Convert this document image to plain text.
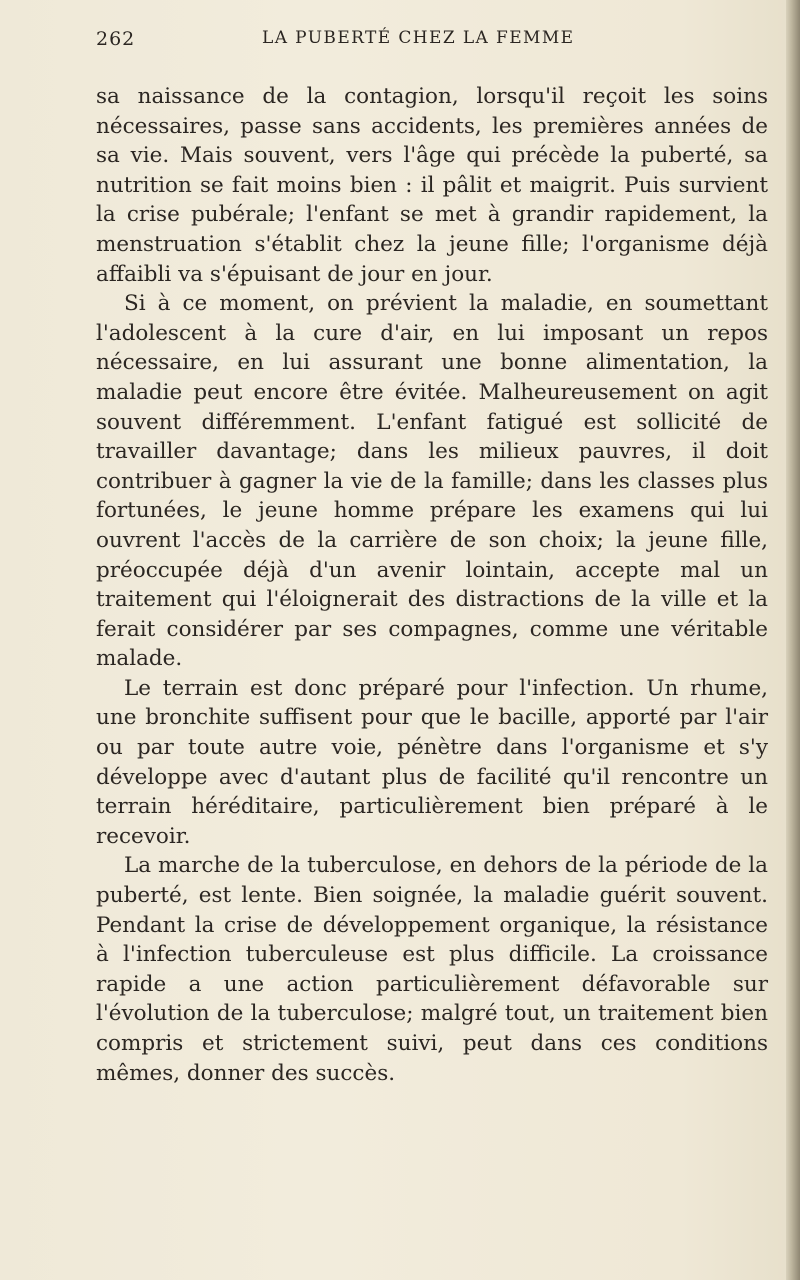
262	LA PUBERTÉ CHEZ LA FEMME

sa naissance de la contagion, lorsqu'il reçoit les soins nécessaires, passe sans accidents, les premières années de sa vie. Mais souvent, vers l'âge qui précède la puberté, sa nutrition se fait moins bien : il pâlit et maigrit. Puis survient la crise pubérale; l'enfant se met à grandir rapidement, la menstruation s'établit chez la jeune fille; l'organisme déjà affaibli va s'épuisant de jour en jour.

Si à ce moment, on prévient la maladie, en soumettant l'adolescent à la cure d'air, en lui imposant un repos nécessaire, en lui assurant une bonne alimentation, la maladie peut encore être évitée. Malheureusement on agit souvent différemment. L'enfant fatigué est sollicité de travailler davantage; dans les milieux pauvres, il doit contribuer à gagner la vie de la famille; dans les classes plus fortunées, le jeune homme prépare les examens qui lui ouvrent l'accès de la carrière de son choix; la jeune fille, préoccupée déjà d'un avenir lointain, accepte mal un traitement qui l'éloignerait des distractions de la ville et la ferait considérer par ses compagnes, comme une véritable malade.

Le terrain est donc préparé pour l'infection. Un rhume, une bronchite suffisent pour que le bacille, apporté par l'air ou par toute autre voie, pénètre dans l'organisme et s'y développe avec d'autant plus de facilité qu'il rencontre un terrain héréditaire, particulièrement bien préparé à le recevoir.

La marche de la tuberculose, en dehors de la période de la puberté, est lente. Bien soignée, la maladie guérit souvent. Pendant la crise de développement organique, la résistance à l'infection tuberculeuse est plus difficile. La croissance rapide a une action particulièrement défavorable sur l'évolution de la tuberculose; malgré tout, un traitement bien compris et strictement suivi, peut dans ces conditions mêmes, donner des succès.
